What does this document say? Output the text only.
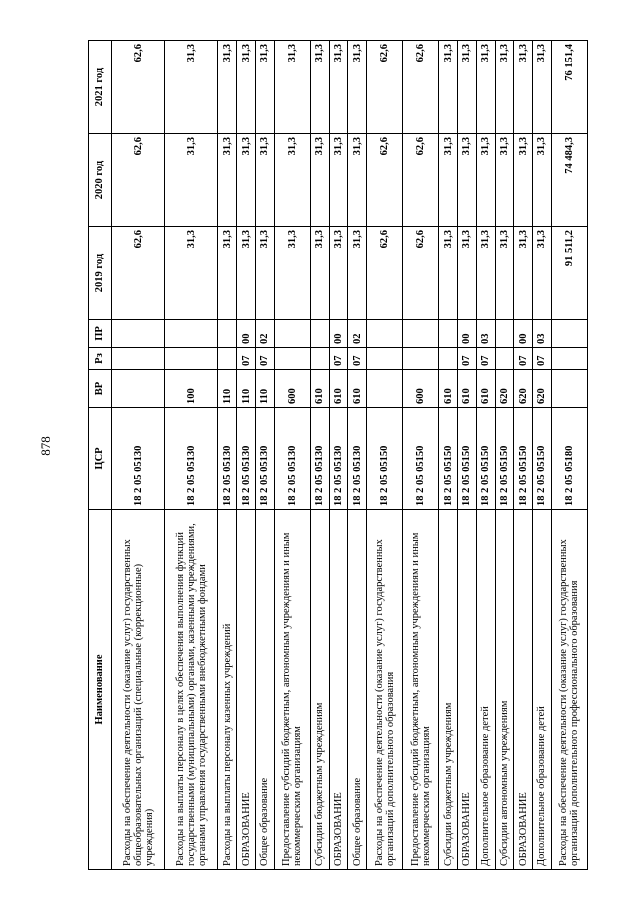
878
Наименование	ЦСР	ВР	Рз	ПР	2019 год	2020 год	2021 год
Расходы на обеспечение деятельности (оказание услуг) государственных общеобразовательных организаций (специальные (коррекционные) учреждения)	18 2 05 05130				62,6	62,6	62,6
Расходы на выплаты персоналу в целях обеспечения выполнения функций государственными (муниципальными) органами, казенными учреждениями, органами управления государственными внебюджетными фондами	18 2 05 05130	100			31,3	31,3	31,3
Расходы на выплаты персоналу казенных учреждений	18 2 05 05130	110			31,3	31,3	31,3
ОБРАЗОВАНИЕ	18 2 05 05130	110	07	00	31,3	31,3	31,3
Общее образование	18 2 05 05130	110	07	02	31,3	31,3	31,3
Предоставление субсидий бюджетным, автономным учреждениям и иным некоммерческим организациям	18 2 05 05130	600			31,3	31,3	31,3
Субсидии бюджетным учреждениям	18 2 05 05130	610			31,3	31,3	31,3
ОБРАЗОВАНИЕ	18 2 05 05130	610	07	00	31,3	31,3	31,3
Общее образование	18 2 05 05130	610	07	02	31,3	31,3	31,3
Расходы на обеспечение деятельности (оказание услуг) государственных организаций дополнительного образования	18 2 05 05150				62,6	62,6	62,6
Предоставление субсидий бюджетным, автономным учреждениям и иным некоммерческим организациям	18 2 05 05150	600			62,6	62,6	62,6
Субсидии бюджетным учреждениям	18 2 05 05150	610			31,3	31,3	31,3
ОБРАЗОВАНИЕ	18 2 05 05150	610	07	00	31,3	31,3	31,3
Дополнительное образование детей	18 2 05 05150	610	07	03	31,3	31,3	31,3
Субсидии автономным учреждениям	18 2 05 05150	620			31,3	31,3	31,3
ОБРАЗОВАНИЕ	18 2 05 05150	620	07	00	31,3	31,3	31,3
Дополнительное образование детей	18 2 05 05150	620	07	03	31,3	31,3	31,3
Расходы на обеспечение деятельности (оказание услуг) государственных организаций дополнительного профессионального образования	18 2 05 05180				91 511,2	74 484,3	76 151,4
